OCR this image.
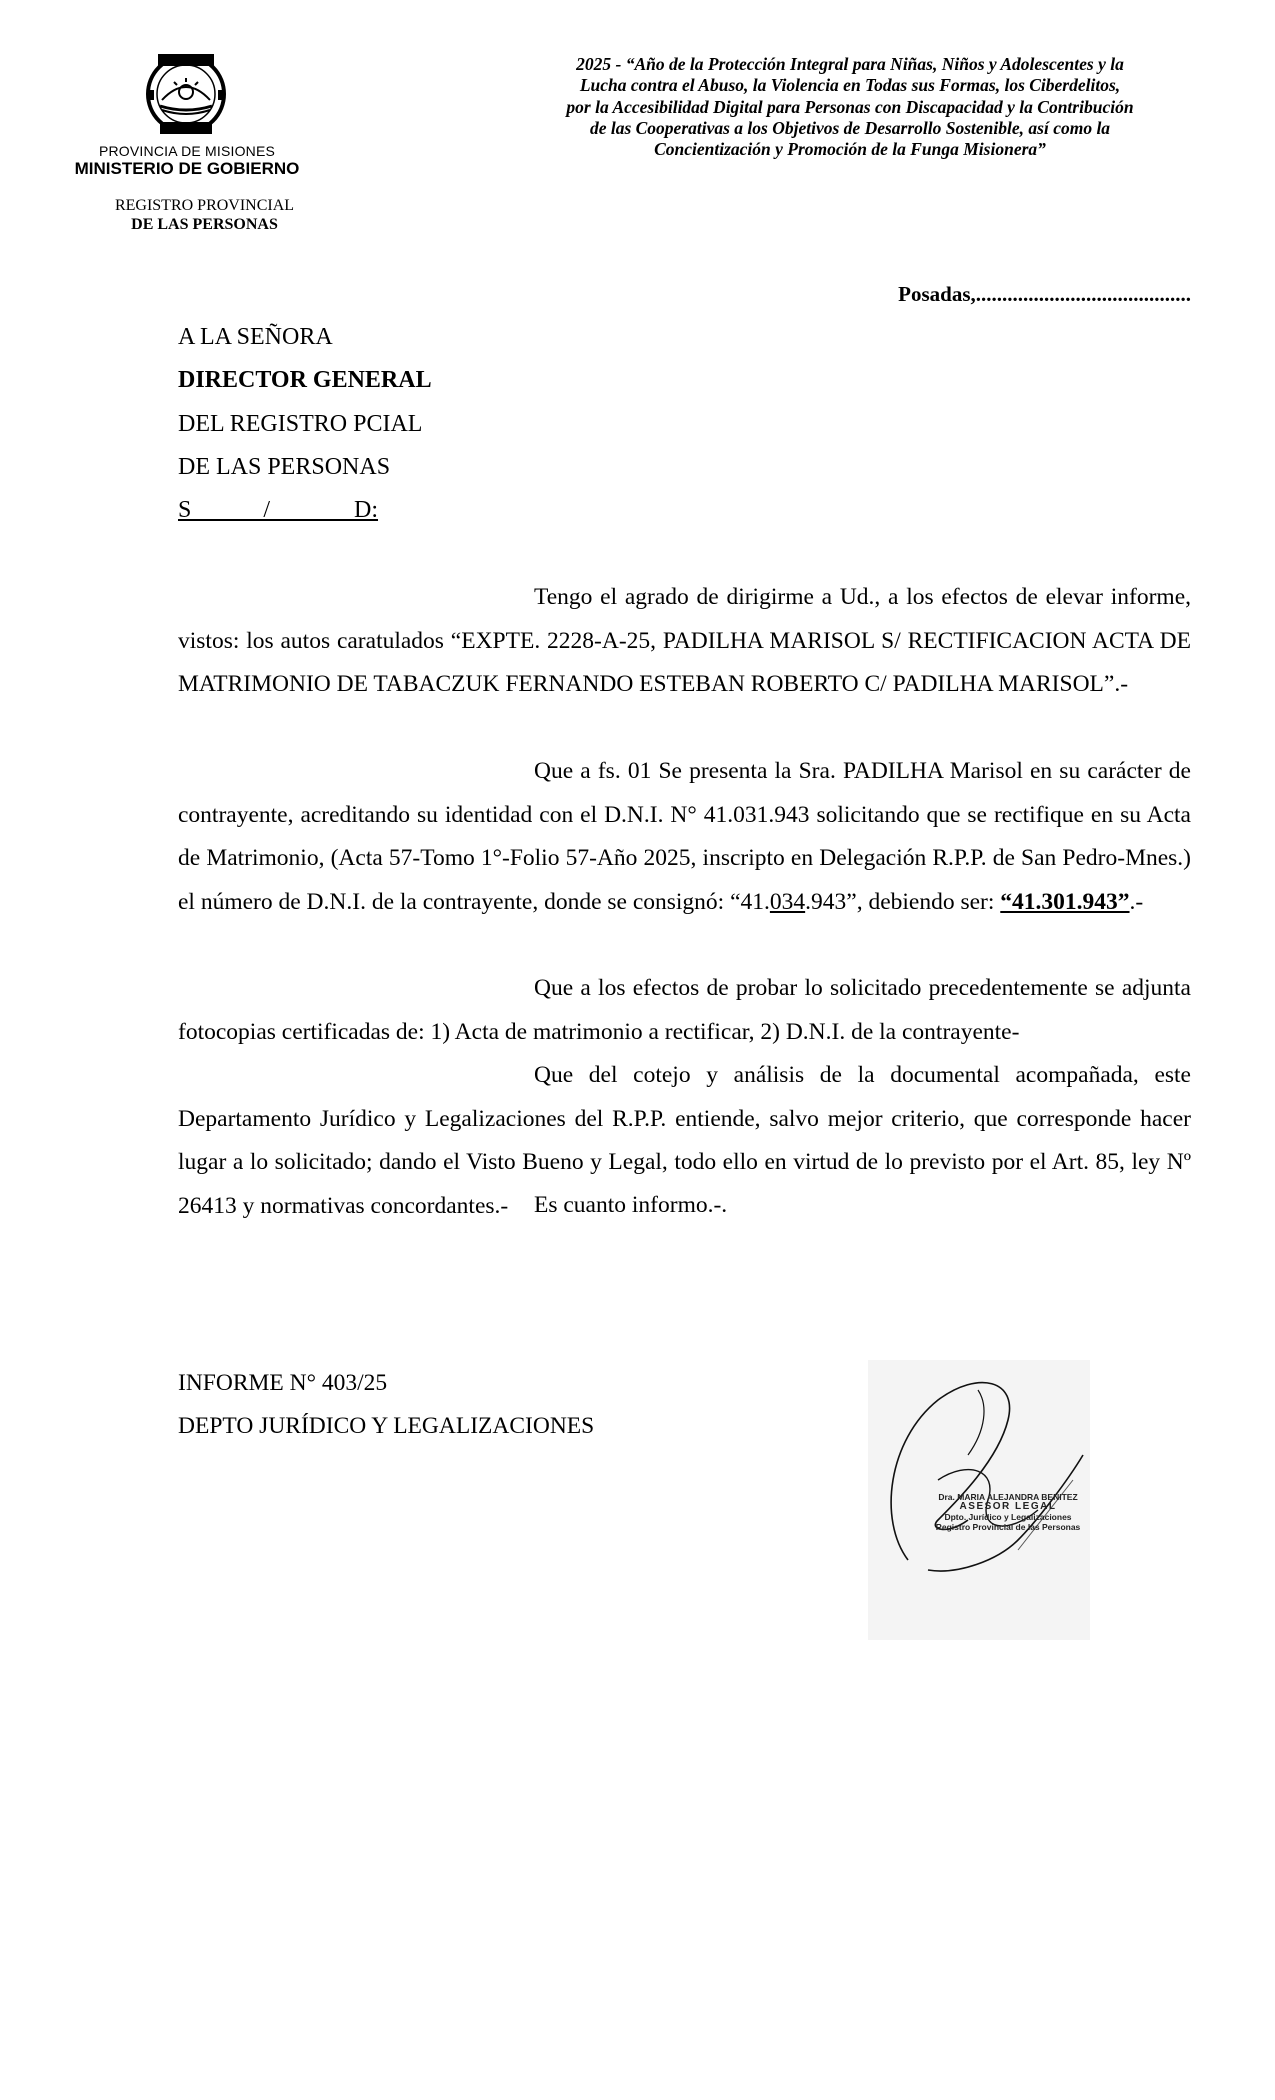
PROVINCIA DE MISIONES
MINISTERIO DE GOBIERNO
REGISTRO PROVINCIAL
DE LAS PERSONAS
2025 - “Año de la Protección Integral para Niñas, Niños y Adolescentes y la
Lucha contra el Abuso, la Violencia en Todas sus Formas, los Ciberdelitos,
por la Accesibilidad Digital para Personas con Discapacidad y la Contribución
de las Cooperativas a los Objetivos de Desarrollo Sostenible, así como la
Concientización y Promoción de la Funga Misionera”
Posadas,.........................................
A LA SEÑORA
DIRECTOR GENERAL
DEL REGISTRO PCIAL
DE LAS PERSONAS
S            /              D:

Tengo el agrado de dirigirme a Ud., a los efectos de elevar informe, vistos: los autos caratulados “EXPTE. 2228-A-25, PADILHA MARISOL S/ RECTIFICACION ACTA DE MATRIMONIO DE TABACZUK FERNANDO ESTEBAN ROBERTO C/ PADILHA MARISOL”.-

Que a fs. 01 Se presenta la Sra. PADILHA Marisol en su carácter de contrayente, acreditando su identidad con el D.N.I. N° 41.031.943 solicitando que se rectifique en su Acta de Matrimonio, (Acta 57-Tomo 1°-Folio 57-Año 2025, inscripto en Delegación R.P.P. de San Pedro-Mnes.) el número de D.N.I. de la contrayente, donde se consignó: “41.034.943”, debiendo ser: “41.301.943”.-

Que a los efectos de probar lo solicitado precedentemente se adjunta fotocopias certificadas de: 1) Acta de matrimonio a rectificar, 2) D.N.I. de la contrayente-

Que del cotejo y análisis de la documental acompañada, este Departamento Jurídico y Legalizaciones del R.P.P. entiende, salvo mejor criterio, que corresponde hacer lugar a lo solicitado; dando el Visto Bueno y Legal, todo ello en virtud de lo previsto por el Art. 85, ley Nº 26413 y normativas concordantes.-	Es cuanto informo.-.

INFORME N° 403/25
DEPTO JURÍDICO Y LEGALIZACIONES
Dra. MARIA ALEJANDRA BENITEZ
ASESOR LEGAL
Dpto. Jurídico y Legalizaciones
Registro Provincial de las Personas
